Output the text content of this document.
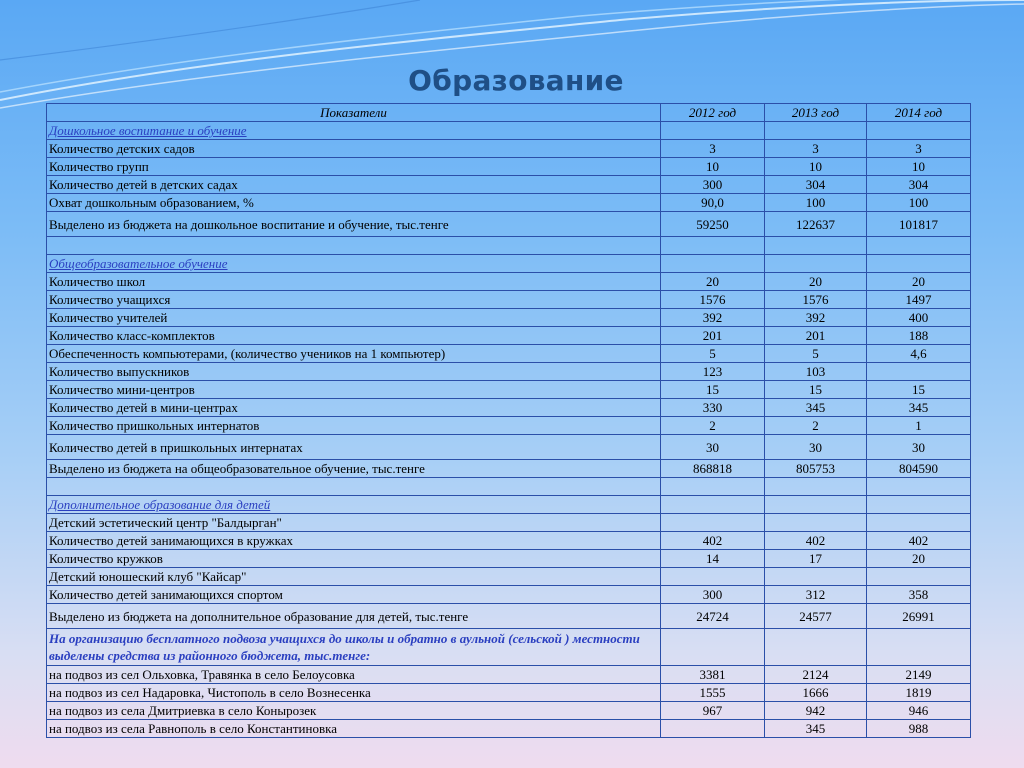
Образование
Показатели	2012 год	2013 год	2014 год
Дошкольное воспитание и обучение			
Количество детских садов	3	3	3
Количество групп	10	10	10
Количество детей в детских садах	300	304	304
Охват дошкольным образованием, %	90,0	100	100
Выделено из бюджета на дошкольное воспитание и обучение, тыс.тенге	59250	122637	101817

Общеобразовательное обучение			
Количество школ	20	20	20
Количество учащихся	1576	1576	1497
Количество учителей	392	392	400
Количество класс-комплектов	201	201	188
Обеспеченность компьютерами, (количество учеников на 1 компьютер)	5	5	4,6
Количество выпускников	123	103	
Количество мини-центров	15	15	15
Количество детей в мини-центрах	330	345	345
Количество пришкольных интернатов	2	2	1
Количество детей в пришкольных интернатах	30	30	30
Выделено из бюджета на общеобразовательное обучение, тыс.тенге	868818	805753	804590

Дополнительное образование для детей			
Детский эстетический центр "Балдырган"			
Количество детей занимающихся в кружках	402	402	402
Количество кружков	14	17	20
Детский юношеский клуб "Кайсар"			
Количество детей занимающихся спортом	300	312	358
Выделено из бюджета на дополнительное образование для детей, тыс.тенге	24724	24577	26991
На организацию бесплатного подвоза учащихся до школы и обратно в аульной (сельской ) местности выделены средства из районного бюджета, тыс.тенге:			
на подвоз из сел Ольховка, Травянка в село Белоусовка	3381	2124	2149
на подвоз из сел Надаровка, Чистополь в село Вознесенка	1555	1666	1819
на подвоз из села Дмитриевка в село Конырозек	967	942	946
на подвоз из села Равнополь в село Константиновка		345	988
